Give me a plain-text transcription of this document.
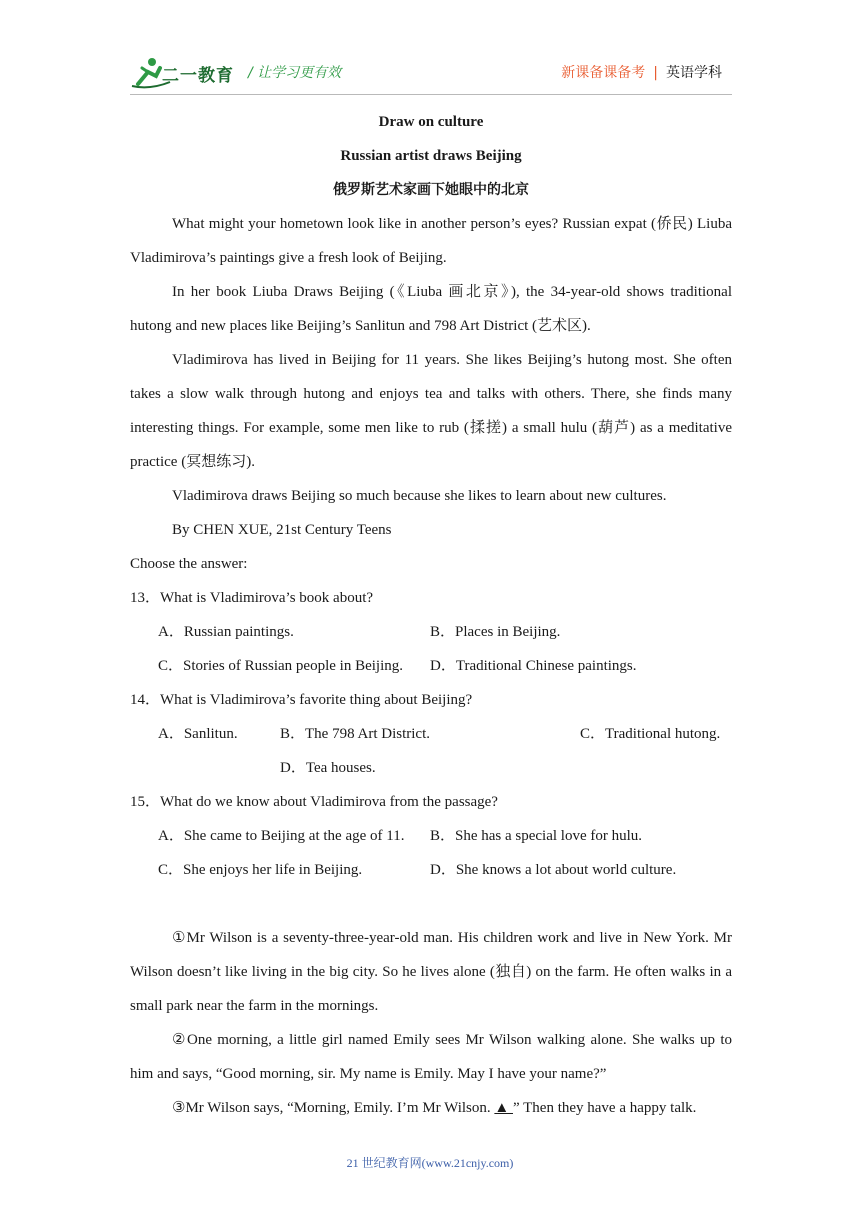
二一教育 / 让学习更有效	新课备课备考 | 英语学科
Draw on culture
Russian artist draws Beijing
俄罗斯艺术家画下她眼中的北京

What might your hometown look like in another person’s eyes? Russian expat (侨民) Liuba Vladimirova’s paintings give a fresh look of Beijing.

In her book Liuba Draws Beijing (《Liuba 画北京》), the 34-year-old shows traditional hutong and new places like Beijing’s Sanlitun and 798 Art District (艺术区).

Vladimirova has lived in Beijing for 11 years. She likes Beijing’s hutong most. She often takes a slow walk through hutong and enjoys tea and talks with others. There, she finds many interesting things. For example, some men like to rub (揉搓) a small hulu (葫芦) as a meditative practice (冥想练习).

Vladimirova draws Beijing so much because she likes to learn about new cultures.

By CHEN XUE, 21st Century Teens

Choose the answer:
13．What is Vladimirova’s book about?
A．Russian paintings.	B．Places in Beijing.
C．Stories of Russian people in Beijing. D．Traditional Chinese paintings.
14．What is Vladimirova’s favorite thing about Beijing?
A．Sanlitun.	B．The 798 Art District.	C．Traditional hutong.
D．Tea houses.
15．What do we know about Vladimirova from the passage?
A．She came to Beijing at the age of 11. B．She has a special love for hulu.
C．She enjoys her life in Beijing.	D．She knows a lot about world culture.

①Mr Wilson is a seventy-three-year-old man. His children work and live in New York. Mr Wilson doesn’t like living in the big city. So he lives alone (独自) on the farm. He often walks in a small park near the farm in the mornings.

②One morning, a little girl named Emily sees Mr Wilson walking alone. She walks up to him and says, “Good morning, sir. My name is Emily. May I have your name?”

③Mr Wilson says, “Morning, Emily. I’m Mr Wilson. ▲ ” Then they have a happy talk.

21 世纪教育网(www.21cnjy.com)
